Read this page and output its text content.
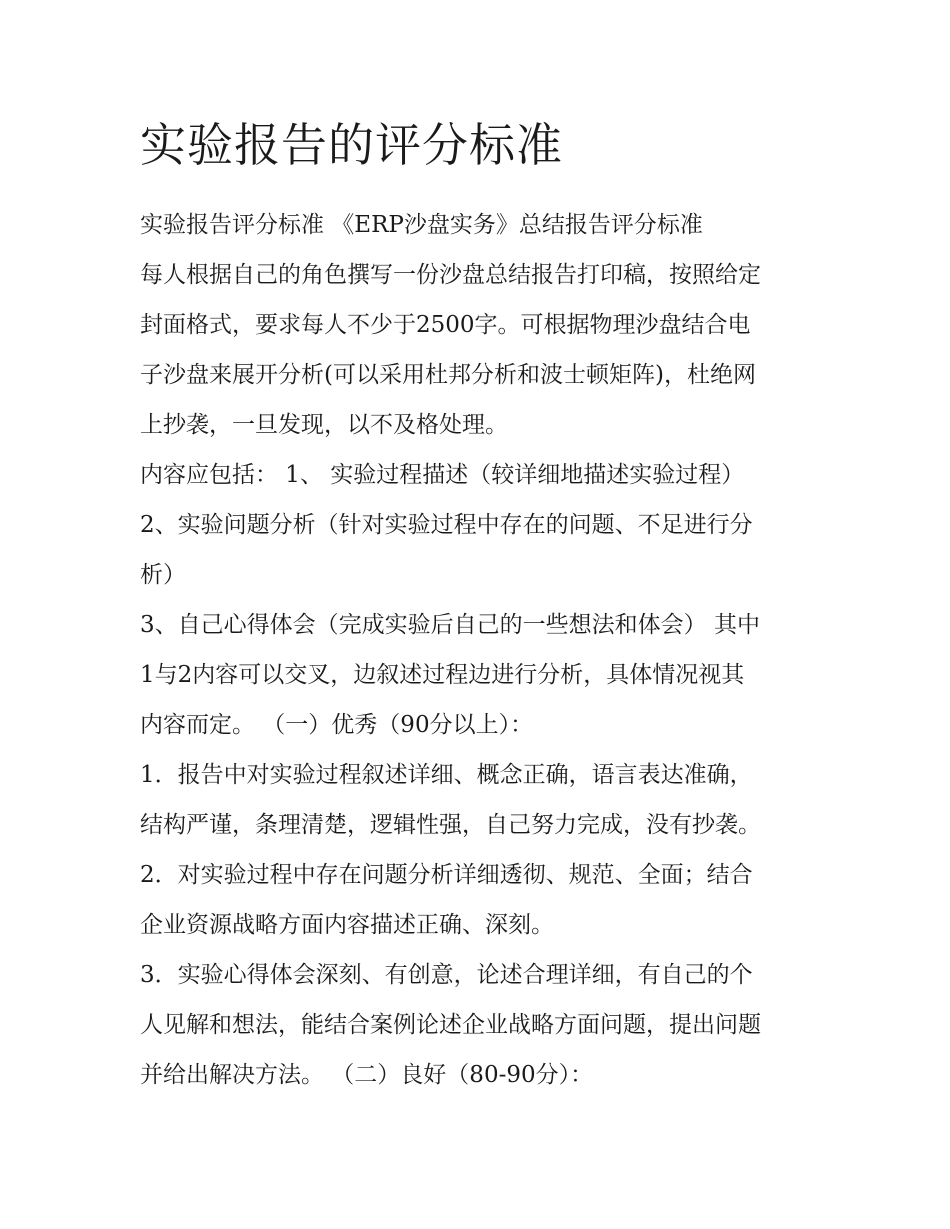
实验报告的评分标准

实验报告评分标准 《ERP沙盘实务》总结报告评分标准

每人根据自己的角色撰写一份沙盘总结报告打印稿，按照给定

封面格式，要求每人不少于2500字。可根据物理沙盘结合电

子沙盘来展开分析(可以采用杜邦分析和波士顿矩阵)，杜绝网

上抄袭，一旦发现，以不及格处理。

内容应包括： 1、 实验过程描述（较详细地描述实验过程）

2、实验问题分析（针对实验过程中存在的问题、不足进行分

析）

3、自己心得体会（完成实验后自己的一些想法和体会） 其中

1与2内容可以交叉，边叙述过程边进行分析，具体情况视其

内容而定。 （一）优秀（90分以上）：

1．报告中对实验过程叙述详细、概念正确，语言表达准确，

结构严谨，条理清楚，逻辑性强，自己努力完成，没有抄袭。

2．对实验过程中存在问题分析详细透彻、规范、全面；结合

企业资源战略方面内容描述正确、深刻。

3．实验心得体会深刻、有创意，论述合理详细，有自己的个

人见解和想法，能结合案例论述企业战略方面问题，提出问题

并给出解决方法。 （二）良好（80-90分）：
